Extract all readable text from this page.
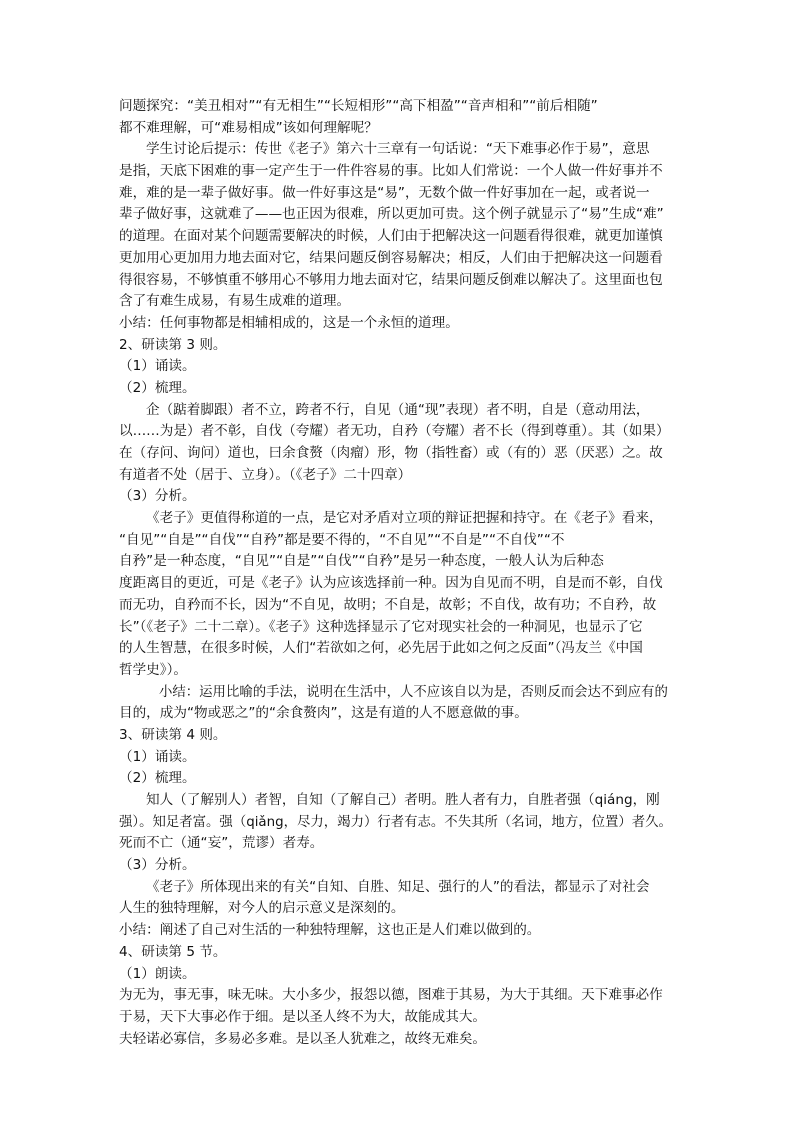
问题探究：“美丑相对”“有无相生”“长短相形”“高下相盈”“音声相和”“前后相随”
都不难理解，可“难易相成”该如何理解呢？
学生讨论后提示：传世《老子》第六十三章有一句话说：“天下难事必作于易”，意思
是指，天底下困难的事一定产生于一件件容易的事。比如人们常说：一个人做一件好事并不
难，难的是一辈子做好事。做一件好事这是“易”，无数个做一件好事加在一起，或者说一
辈子做好事，这就难了——也正因为很难，所以更加可贵。这个例子就显示了“易”生成“难”
的道理。在面对某个问题需要解决的时候，人们由于把解决这一问题看得很难，就更加谨慎
更加用心更加用力地去面对它，结果问题反倒容易解决；相反，人们由于把解决这一问题看
得很容易，不够慎重不够用心不够用力地去面对它，结果问题反倒难以解决了。这里面也包
含了有难生成易，有易生成难的道理。
小结：任何事物都是相辅相成的，这是一个永恒的道理。
2、研读第 3 则。
（1）诵读。
（2）梳理。
企（踮着脚跟）者不立，跨者不行，自见（通“现”表现）者不明，自是（意动用法，
以……为是）者不彰，自伐（夸耀）者无功，自矜（夸耀）者不长（得到尊重）。其（如果）
在（存问、询问）道也，曰余食赘（肉瘤）形，物（指牲畜）或（有的）恶（厌恶）之。故
有道者不处（居于、立身）。（《老子》二十四章）
（3）分析。
《老子》更值得称道的一点，是它对矛盾对立项的辩证把握和持守。在《老子》看来，
“自见”“自是”“自伐”“自矜”都是要不得的，“不自见”“不自是”“不自伐”“不
自矜”是一种态度，“自见”“自是”“自伐”“自矜”是另一种态度，一般人认为后种态
度距离目的更近，可是《老子》认为应该选择前一种。因为自见而不明，自是而不彰，自伐
而无功，自矜而不长，因为“不自见，故明；不自是，故彰；不自伐，故有功；不自矜，故
长”（《老子》二十二章）。《老子》这种选择显示了它对现实社会的一种洞见，也显示了它
的人生智慧，在很多时候，人们“若欲如之何，必先居于此如之何之反面”（冯友兰《中国
哲学史》）。
小结：运用比喻的手法，说明在生活中，人不应该自以为是，否则反而会达不到应有的
目的，成为“物或恶之”的“余食赘肉”，这是有道的人不愿意做的事。
3、研读第 4 则。
（1）诵读。
（2）梳理。
知人（了解别人）者智，自知（了解自己）者明。胜人者有力，自胜者强（qiáng，刚
强）。知足者富。强（qiǎng，尽力，竭力）行者有志。不失其所（名词，地方，位置）者久。
死而不亡（通“妄”，荒谬）者寿。
（3）分析。
《老子》所体现出来的有关“自知、自胜、知足、强行的人”的看法，都显示了对社会
人生的独特理解，对今人的启示意义是深刻的。
小结：阐述了自己对生活的一种独特理解，这也正是人们难以做到的。
4、研读第 5 节。
（1）朗读。
为无为，事无事，味无味。大小多少，报怨以德，图难于其易，为大于其细。天下难事必作
于易，天下大事必作于细。是以圣人终不为大，故能成其大。
夫轻诺必寡信，多易必多难。是以圣人犹难之，故终无难矣。
